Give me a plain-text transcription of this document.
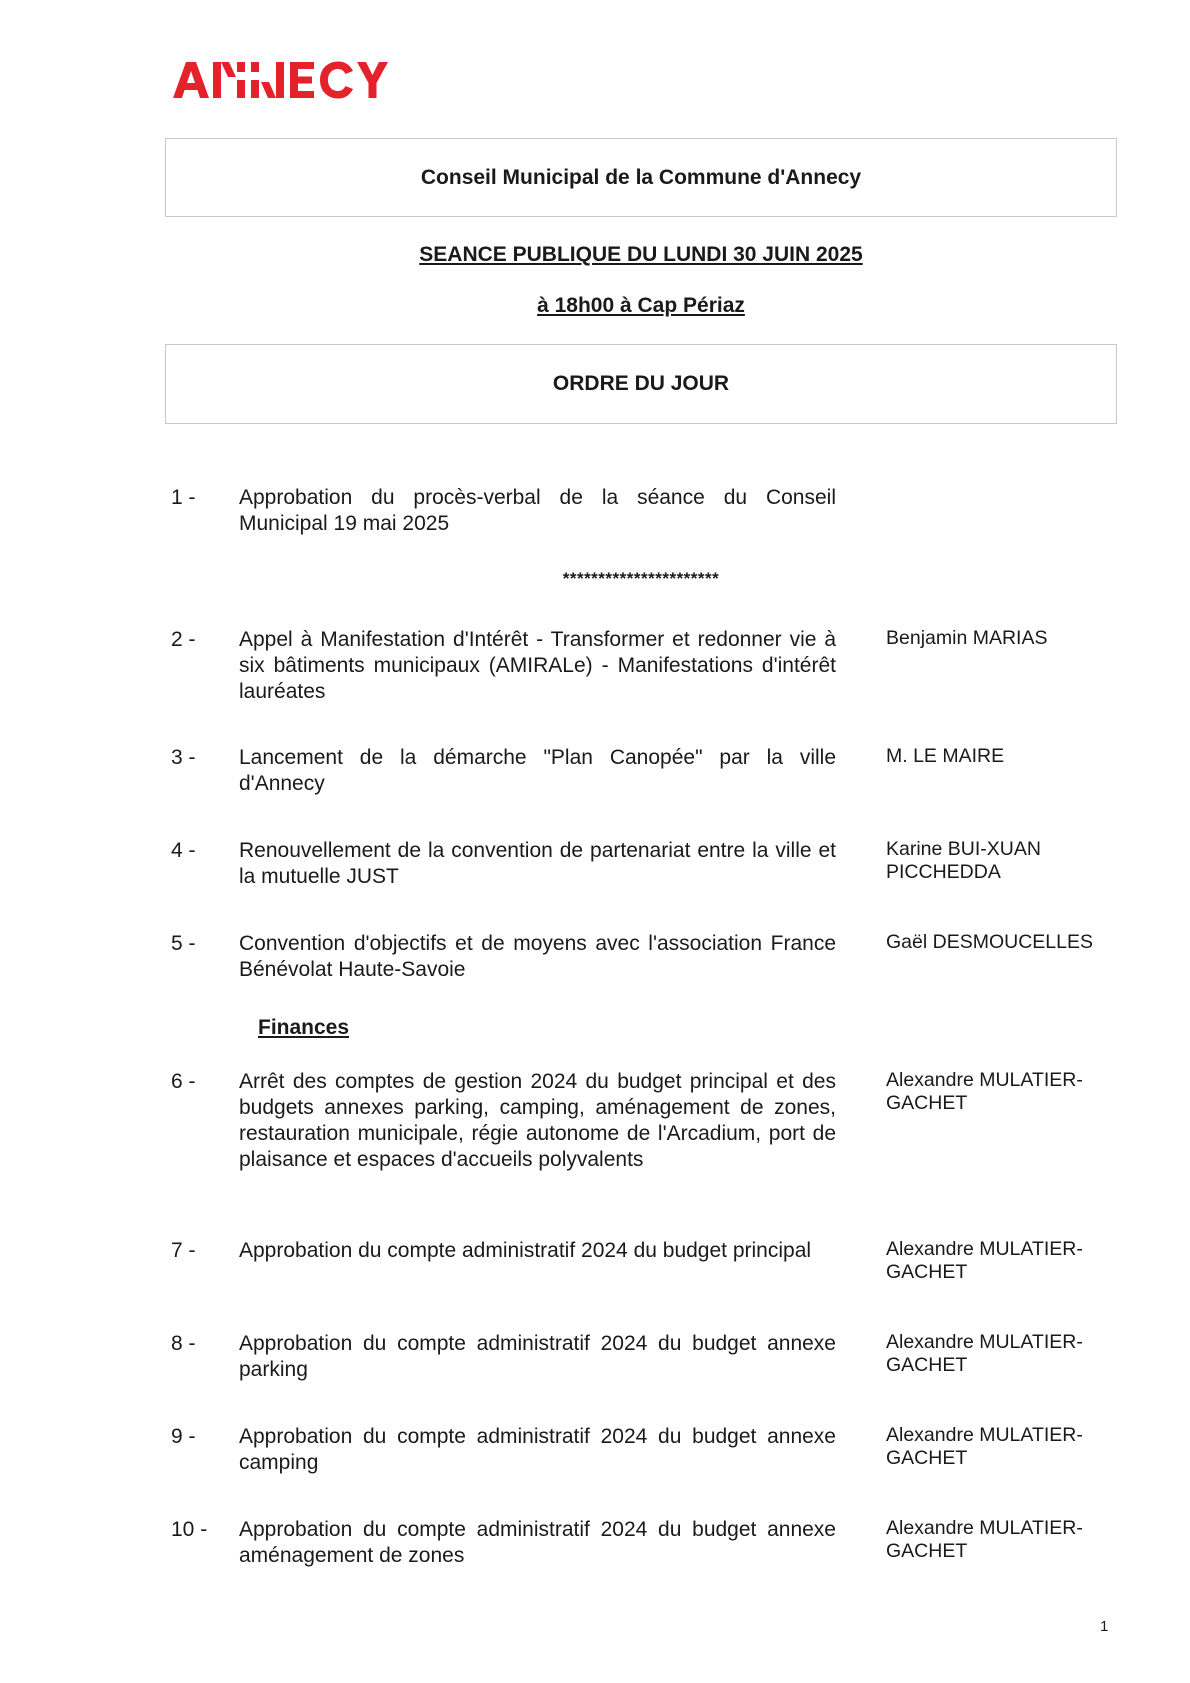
Conseil Municipal de la Commune d'Annecy
SEANCE PUBLIQUE DU LUNDI 30 JUIN 2025
à 18h00 à Cap Périaz
ORDRE DU JOUR
1 - Approbation du procès-verbal de la séance du Conseil Municipal 19 mai 2025
**********************
2 - Appel à Manifestation d'Intérêt - Transformer et redonner vie à six bâtiments municipaux (AMIRALe) - Manifestations d'intérêt lauréates
Benjamin MARIAS
3 - Lancement de la démarche "Plan Canopée" par la ville d'Annecy
M. LE MAIRE
4 - Renouvellement de la convention de partenariat entre la ville et la mutuelle JUST
Karine BUI-XUAN PICCHEDDA
5 - Convention d'objectifs et de moyens avec l'association France Bénévolat Haute-Savoie
Gaël DESMOUCELLES
Finances
6 - Arrêt des comptes de gestion 2024 du budget principal et des budgets annexes parking, camping, aménagement de zones, restauration municipale, régie autonome de l'Arcadium, port de plaisance et espaces d'accueils polyvalents
Alexandre MULATIER-GACHET
7 - Approbation du compte administratif 2024 du budget principal	Alexandre MULATIER-GACHET
8 - Approbation du compte administratif 2024 du budget annexe parking
Alexandre MULATIER-GACHET
9 - Approbation du compte administratif 2024 du budget annexe camping
Alexandre MULATIER-GACHET
10 - Approbation du compte administratif 2024 du budget annexe aménagement de zones
Alexandre MULATIER-GACHET
1
